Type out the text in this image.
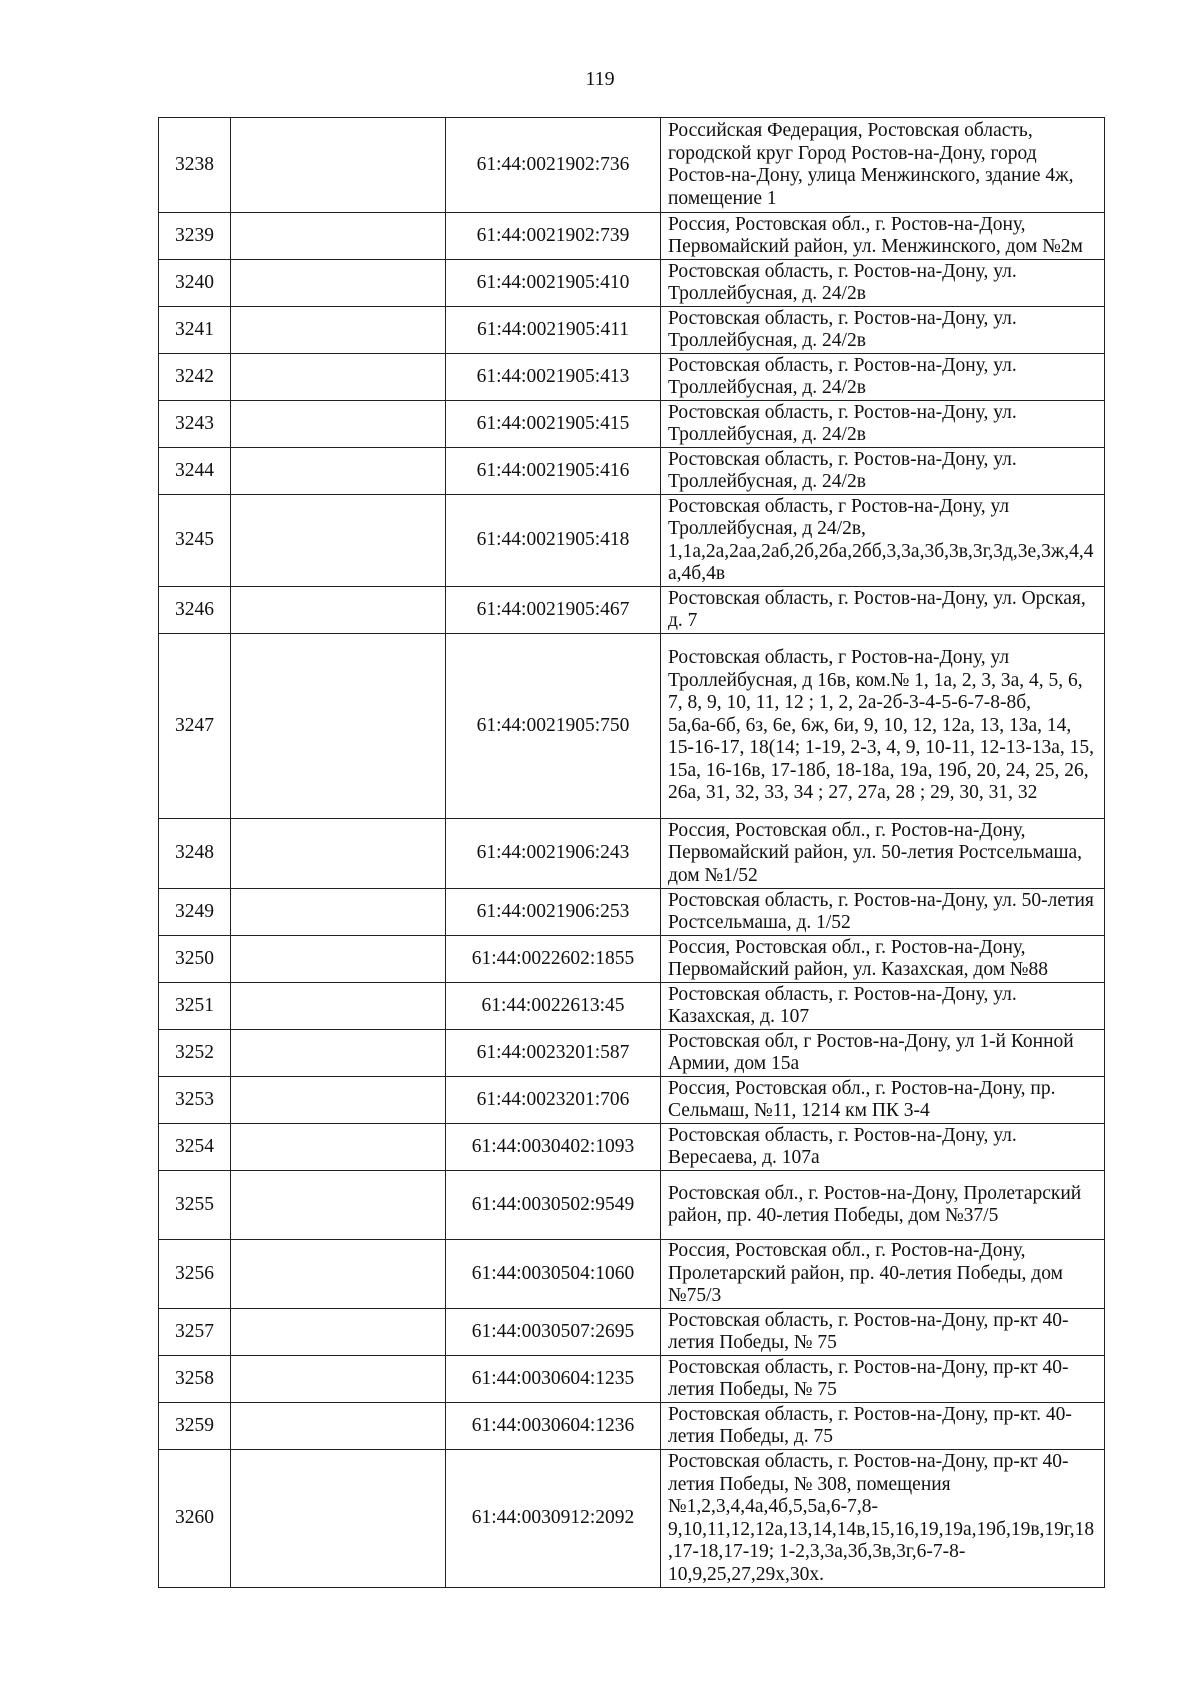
119
3238		61:44:0021902:736	Российская Федерация, Ростовская область, городской круг Город Ростов-на-Дону, город Ростов-на-Дону, улица Менжинского, здание 4ж, помещение 1
3239		61:44:0021902:739	Россия, Ростовская обл., г. Ростов-на-Дону, Первомайский район, ул. Менжинского, дом №2м
3240		61:44:0021905:410	Ростовская область, г. Ростов-на-Дону, ул. Троллейбусная, д. 24/2в
3241		61:44:0021905:411	Ростовская область, г. Ростов-на-Дону, ул. Троллейбусная, д. 24/2в
3242		61:44:0021905:413	Ростовская область, г. Ростов-на-Дону, ул. Троллейбусная, д. 24/2в
3243		61:44:0021905:415	Ростовская область, г. Ростов-на-Дону, ул. Троллейбусная, д. 24/2в
3244		61:44:0021905:416	Ростовская область, г. Ростов-на-Дону, ул. Троллейбусная, д. 24/2в
3245		61:44:0021905:418	Ростовская область, г Ростов-на-Дону, ул Троллейбусная, д 24/2в, 1,1а,2а,2аа,2аб,2б,2ба,2бб,3,3а,3б,3в,3г,3д,3е,3ж,4,4а,4б,4в
3246		61:44:0021905:467	Ростовская область, г. Ростов-на-Дону, ул. Орская, д. 7
3247		61:44:0021905:750	Ростовская область, г Ростов-на-Дону, ул Троллейбусная, д 16в, ком.№ 1, 1а, 2, 3, 3а, 4, 5, 6, 7, 8, 9, 10, 11, 12 ; 1, 2, 2а-2б-3-4-5-6-7-8-8б, 5а,6а-6б, 6з, 6е, 6ж, 6и, 9, 10, 12, 12а, 13, 13а, 14, 15-16-17, 18(14; 1-19, 2-3, 4, 9, 10-11, 12-13-13а, 15, 15а, 16-16в, 17-18б, 18-18а, 19а, 19б, 20, 24, 25, 26, 26а, 31, 32, 33, 34 ; 27, 27а, 28 ; 29, 30, 31, 32
3248		61:44:0021906:243	Россия, Ростовская обл., г. Ростов-на-Дону, Первомайский район, ул. 50-летия Ростсельмаша, дом №1/52
3249		61:44:0021906:253	Ростовская область, г. Ростов-на-Дону, ул. 50-летия Ростсельмаша, д. 1/52
3250		61:44:0022602:1855	Россия, Ростовская обл., г. Ростов-на-Дону, Первомайский район, ул. Казахская, дом №88
3251		61:44:0022613:45	Ростовская область, г. Ростов-на-Дону, ул. Казахская, д. 107
3252		61:44:0023201:587	Ростовская обл, г Ростов-на-Дону, ул 1-й Конной Армии, дом 15а
3253		61:44:0023201:706	Россия, Ростовская обл., г. Ростов-на-Дону, пр. Сельмаш, №11, 1214 км ПК 3-4
3254		61:44:0030402:1093	Ростовская область, г. Ростов-на-Дону, ул. Вересаева, д. 107а
3255		61:44:0030502:9549	Ростовская обл., г. Ростов-на-Дону, Пролетарский район, пр. 40-летия Победы, дом №37/5
3256		61:44:0030504:1060	Россия, Ростовская обл., г. Ростов-на-Дону, Пролетарский район, пр. 40-летия Победы, дом №75/3
3257		61:44:0030507:2695	Ростовская область, г. Ростов-на-Дону, пр-кт 40-летия Победы, № 75
3258		61:44:0030604:1235	Ростовская область, г. Ростов-на-Дону, пр-кт 40-летия Победы, № 75
3259		61:44:0030604:1236	Ростовская область, г. Ростов-на-Дону, пр-кт. 40-летия Победы, д. 75
3260		61:44:0030912:2092	Ростовская область, г. Ростов-на-Дону, пр-кт 40-летия Победы, № 308, помещения №1,2,3,4,4а,4б,5,5а,6-7,8-9,10,11,12,12а,13,14,14в,15,16,19,19а,19б,19в,19г,18,17-18,17-19; 1-2,3,3а,3б,3в,3г,6-7-8-10,9,25,27,29х,30х.
